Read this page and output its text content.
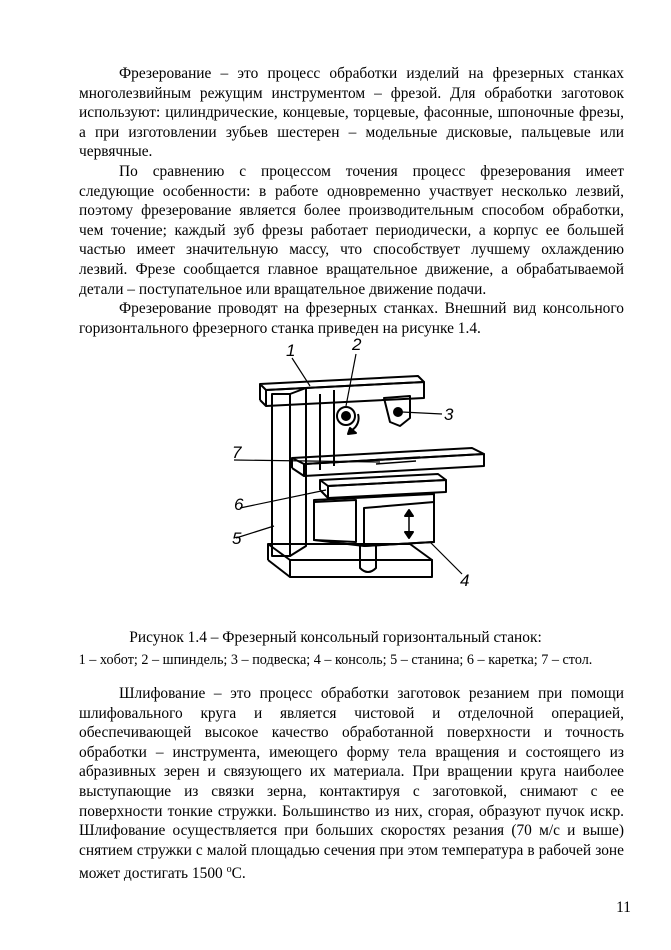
Фрезерование – это процесс обработки изделий на фрезерных станках многолезвийным режущим инструментом – фрезой. Для обработки заготовок используют: цилиндрические, концевые, торцевые, фасонные, шпоночные фрезы, а при изготовлении зубьев шестерен – модельные дисковые, пальцевые или червячные.

По сравнению с процессом точения процесс фрезерования имеет следующие особенности: в работе одновременно участвует несколько лезвий, поэтому фрезерование является более производительным способом обработки, чем точение; каждый зуб фрезы работает периодически, а корпус ее большей частью имеет значительную массу, что способствует лучшему охлаждению лезвий. Фрезе сообщается главное вращательное движение, а обрабатываемой детали – поступательное или вращательное движение подачи.

Фрезерование проводят на фрезерных станках. Внешний вид консольного горизонтального фрезерного станка приведен на рисунке 1.4.

1	2
3
4
5
6
7
Рисунок 1.4 – Фрезерный консольный горизонтальный станок:
1 – хобот; 2 – шпиндель; 3 – подвеска; 4 – консоль; 5 – станина; 6 – каретка; 7 – стол.

Шлифование – это процесс обработки заготовок резанием при помощи шлифовального круга и является чистовой и отделочной операцией, обеспечивающей высокое качество обработанной поверхности и точность обработки – инструмента, имеющего форму тела вращения и состоящего из абразивных зерен и связующего их материала. При вращении круга наиболее выступающие из связки зерна, контактируя с заготовкой, снимают с ее поверхности тонкие стружки. Большинство из них, сгорая, образуют пучок искр. Шлифование осуществляется при больших скоростях резания (70 м/с и выше) снятием стружки с малой площадью сечения при этом температура в рабочей зоне может достигать 1500 $^o$C.

11
